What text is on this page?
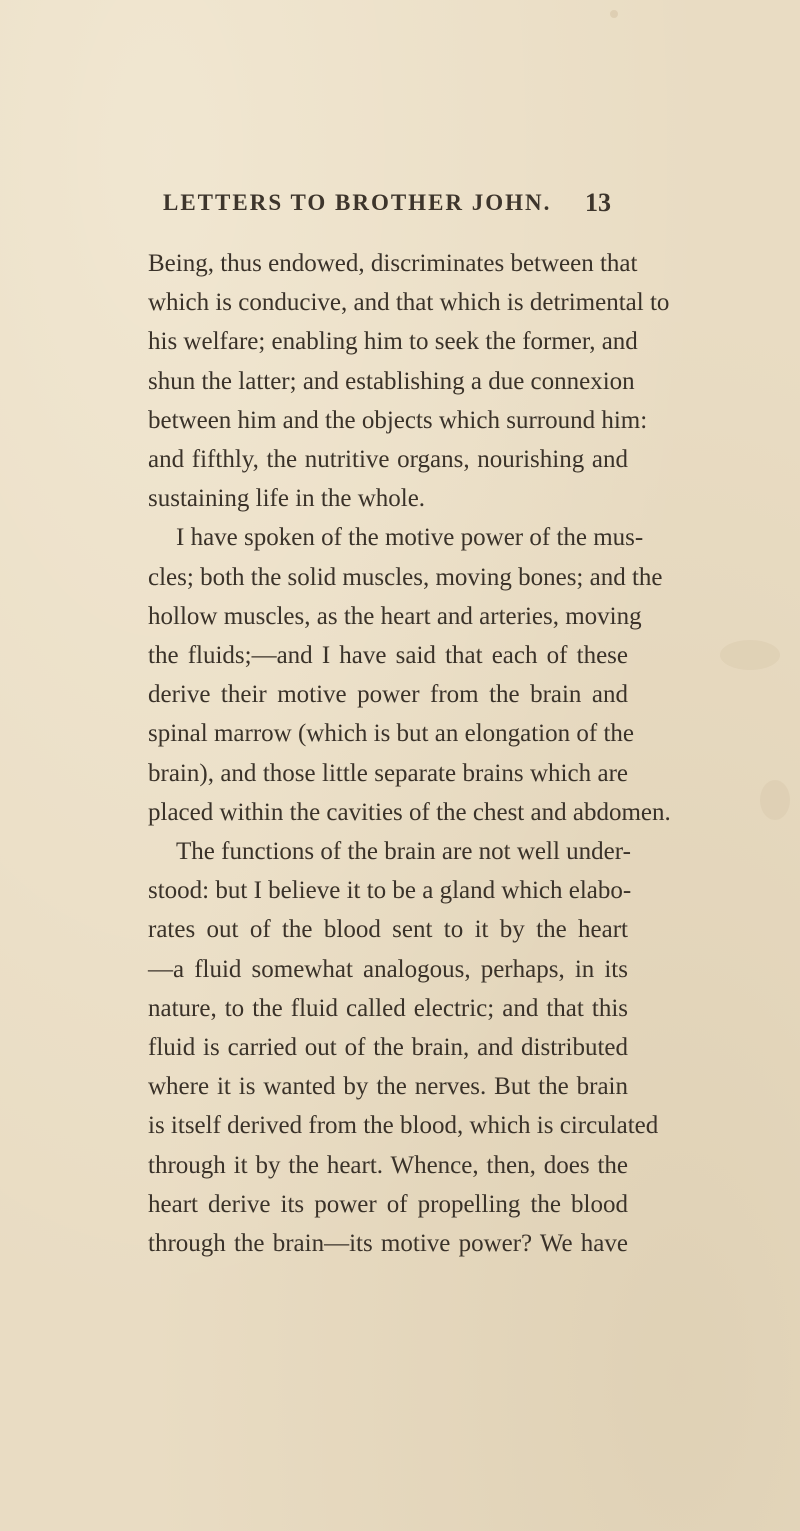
LETTERS TO BROTHER JOHN. 13
Being, thus endowed, discriminates between that
which is conducive, and that which is detrimental to
his welfare; enabling him to seek the former, and
shun the latter; and establishing a due connexion
between him and the objects which surround him:
and fifthly, the nutritive organs, nourishing and
sustaining life in the whole.
I have spoken of the motive power of the mus-
cles; both the solid muscles, moving bones; and the
hollow muscles, as the heart and arteries, moving
the fluids;—and I have said that each of these
derive their motive power from the brain and
spinal marrow (which is but an elongation of the
brain), and those little separate brains which are
placed within the cavities of the chest and abdomen.
The functions of the brain are not well under-
stood: but I believe it to be a gland which elabo-
rates out of the blood sent to it by the heart
—a fluid somewhat analogous, perhaps, in its
nature, to the fluid called electric; and that this
fluid is carried out of the brain, and distributed
where it is wanted by the nerves. But the brain
is itself derived from the blood, which is circulated
through it by the heart. Whence, then, does the
heart derive its power of propelling the blood
through the brain—its motive power? We have
